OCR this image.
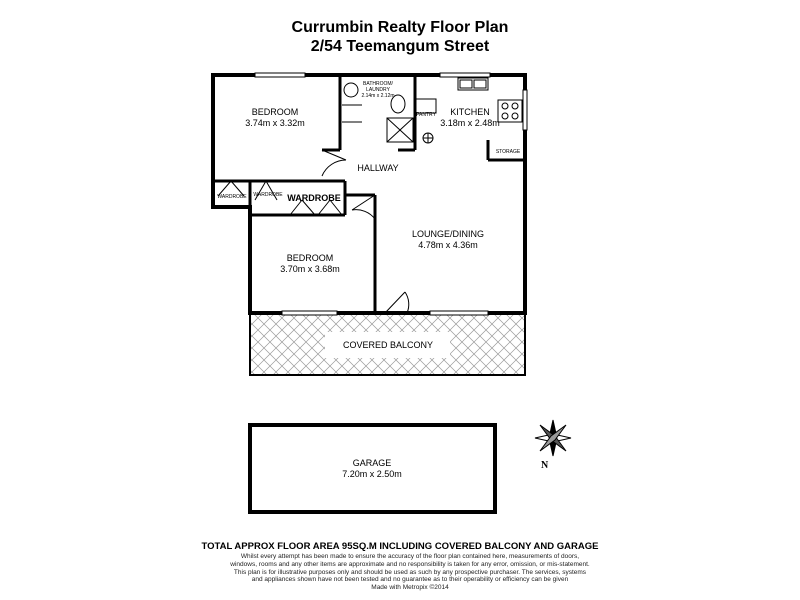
Currumbin Realty Floor Plan
2/54 Teemangum Street
BEDROOM
3.74m x 3.32m
BATHROOM/
LAUNDRY
2.14m x 2.12m
PANTRY KITCHEN
3.18m x 2.48m
STORAGE
HALLWAY
WARDROBE WARDROBE WARDROBE
LOUNGE/DINING
4.78m x 4.36m
BEDROOM
3.70m x 3.68m
COVERED BALCONY
GARAGE
7.20m x 2.50m
N
TOTAL APPROX FLOOR AREA 95SQ.M INCLUDING COVERED BALCONY AND GARAGE
Whilst every attempt has been made to ensure the accuracy of the floor plan contained here, measurements of doors, windows, rooms and any other items are approximate and no responsibility is taken for any error, omission, or mis-statement. This plan is for illustrative purposes only and should be used as such by any prospective purchaser. The services, systems and appliances shown have not been tested and no guarantee as to their operability or efficiency can be given
Made with Metropix ©2014
